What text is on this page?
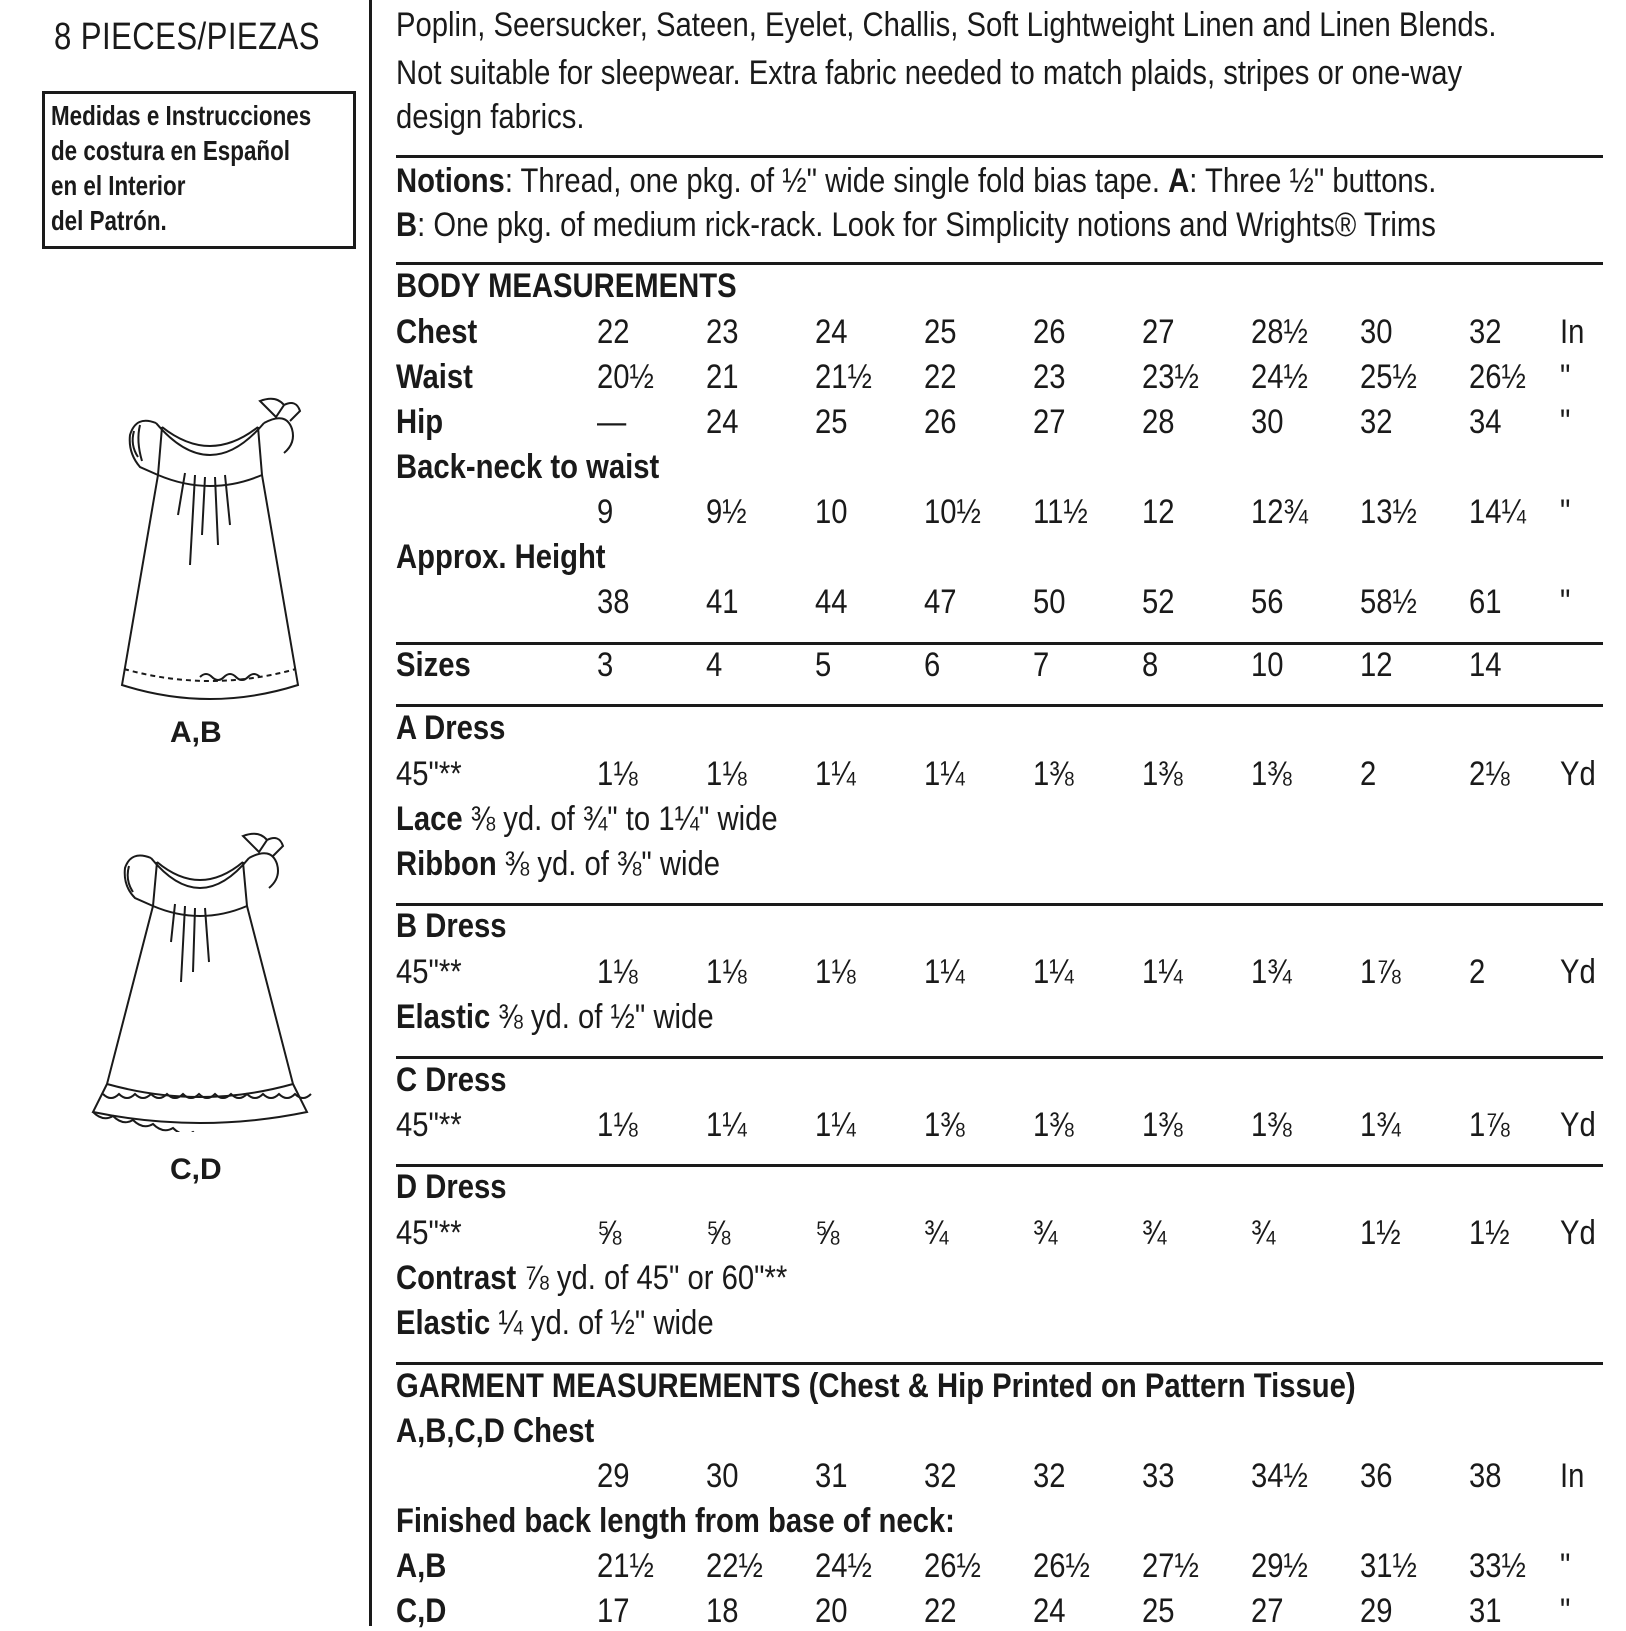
8 PIECES/PIEZAS
Medidas e Instrucciones
de costura en Español
en el Interior
del Patrón.
A,B
C,D
Poplin, Seersucker, Sateen, Eyelet, Challis, Soft Lightweight Linen and Linen Blends.
Not suitable for sleepwear. Extra fabric needed to match plaids, stripes or one-way
design fabrics.
Notions: Thread, one pkg. of ½" wide single fold bias tape. A: Three ½" buttons.
B: One pkg. of medium rick-rack. Look for Simplicity notions and Wrights® Trims
BODY MEASUREMENTS
Chest	22 23 24 25 26 27 28½ 30 32 In
Waist	20½ 21 21½ 22 23 23½ 24½ 25½ 26½ "
Hip	— 24 25 26 27 28 30 32 34 "
Back-neck to waist
9	9½ 10 10½ 11½ 12 12¾ 13½ 14¼ "
Approx. Height
38 41 44 47 50 52 56 58½ 61 "
Sizes	3	4	5	6	7	8	10 12 14
A Dress
45"**	1⅛ 1⅛ 1¼ 1¼ 1⅜ 1⅜ 1⅜ 2	2⅛ Yd
Lace ⅜ yd. of ¾" to 1¼" wide
Ribbon ⅜ yd. of ⅜" wide
B Dress
45"**	1⅛ 1⅛ 1⅛ 1¼ 1¼ 1¼ 1¾ 1⅞ 2 Yd
Elastic ⅜ yd. of ½" wide
C Dress
45"**	1⅛ 1¼ 1¼ 1⅜ 1⅜ 1⅜ 1⅜ 1¾ 1⅞ Yd
D Dress
45"**	⅝ ⅝ ⅝ ¾ ¾ ¾ ¾ 1½ 1½ Yd
Contrast ⅞ yd. of 45" or 60"**
Elastic ¼ yd. of ½" wide
GARMENT MEASUREMENTS (Chest & Hip Printed on Pattern Tissue)
A,B,C,D Chest
29 30 31 32 32 33 34½ 36 38 In
Finished back length from base of neck:
A,B	21½ 22½ 24½ 26½ 26½ 27½ 29½ 31½ 33½ "
C,D	17 18 20 22 24 25 27 29 31 "
